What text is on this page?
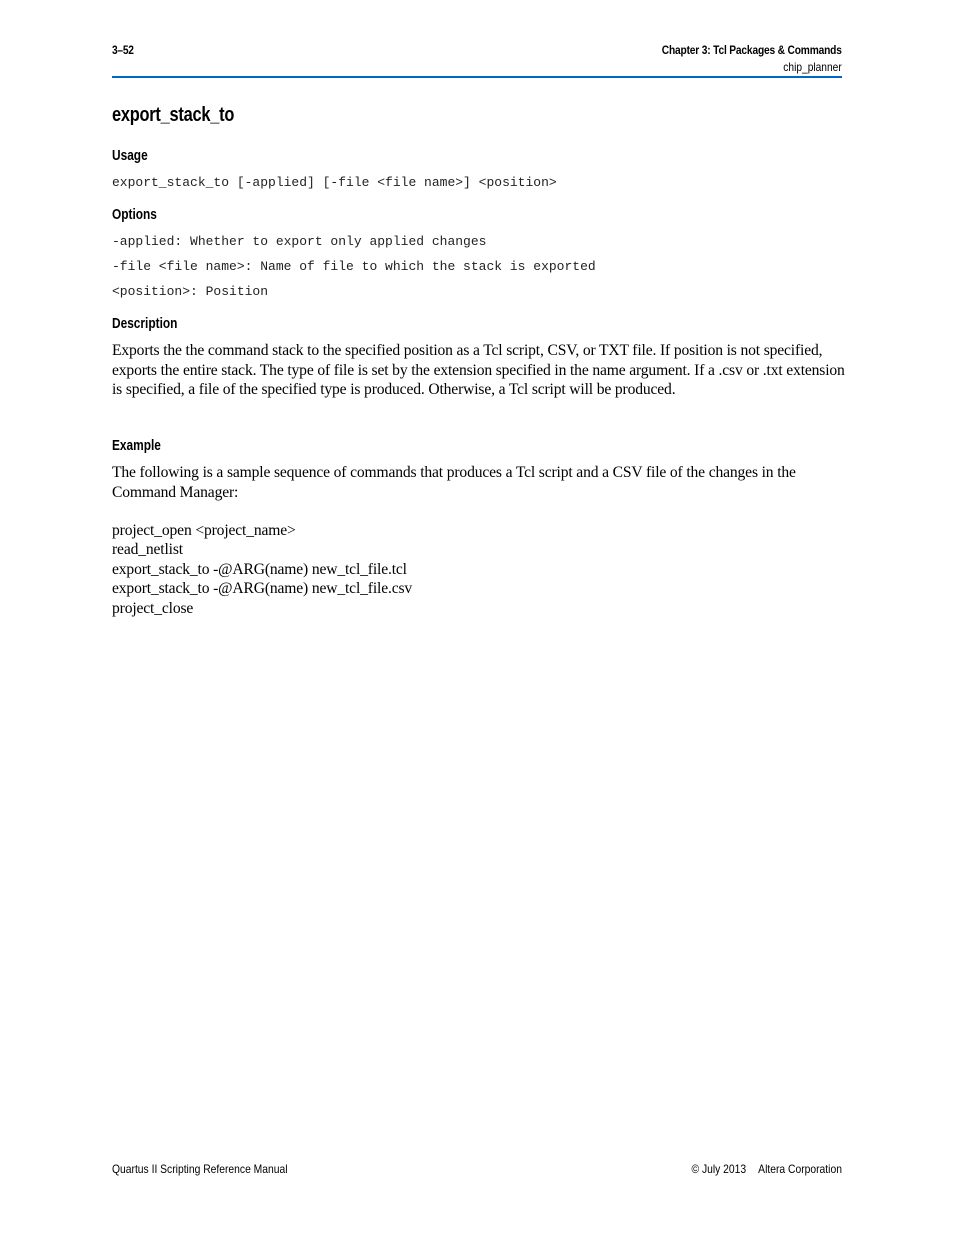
3–52	Chapter 3: Tcl Packages & Commands
chip_planner
export_stack_to
Usage
export_stack_to [-applied] [-file <file name>] <position>
Options
-applied: Whether to export only applied changes
-file <file name>: Name of file to which the stack is exported
<position>: Position
Description
Exports the the command stack to the specified position as a Tcl script, CSV, or TXT file. If position is not specified, exports the entire stack. The type of file is set by the extension specified in the name argument. If a .csv or .txt extension is specified, a file of the specified type is produced. Otherwise, a Tcl script will be produced.
Example
The following is a sample sequence of commands that produces a Tcl script and a CSV file of the changes in the Command Manager:
project_open <project_name>
read_netlist
export_stack_to -@ARG(name) new_tcl_file.tcl
export_stack_to -@ARG(name) new_tcl_file.csv
project_close
Quartus II Scripting Reference Manual	© July 2013 Altera Corporation
